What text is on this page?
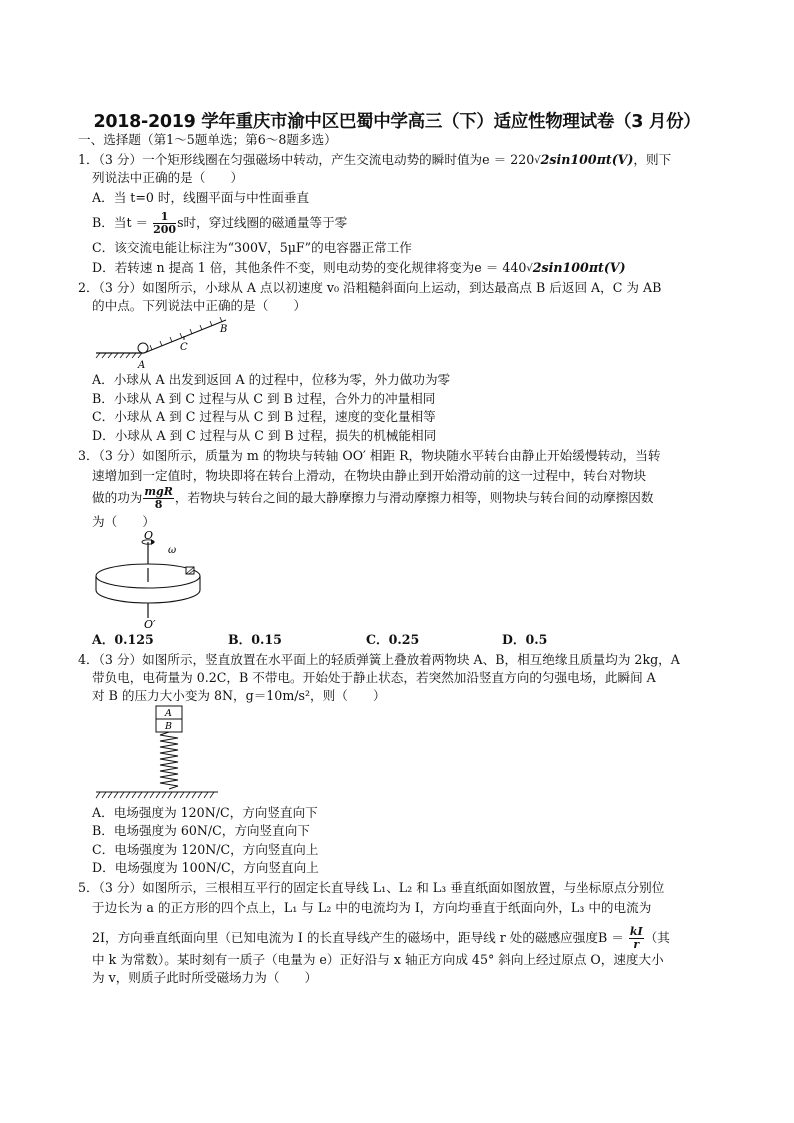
2018-2019 学年重庆市渝中区巴蜀中学高三（下）适应性物理试卷（3 月份）
一、选择题（第1～5题单选；第6～8题多选）
1．（3 分）一个矩形线圈在匀强磁场中转动，产生交流电动势的瞬时值为e ＝ 220√2sin100πt(V)，则下
列说法中正确的是（　　）
A．当 t=0 时，线圈平面与中性面垂直
B．当$t = \frac{1}{200}$ s时，穿过线圈的磁通量等于零
C．该交流电能让标注为“300V，5μF”的电容器正常工作
D．若转速 n 提高 1 倍，其他条件不变，则电动势的变化规律将变为e ＝ 440√2sin100πt(V)
2．（3 分）如图所示，小球从 A 点以初速度 v₀ 沿粗糙斜面向上运动，到达最高点 B 后返回 A，C 为 AB
的中点。下列说法中正确的是（　　）
A
C
B
A．小球从 A 出发到返回 A 的过程中，位移为零，外力做功为零
B．小球从 A 到 C 过程与从 C 到 B 过程，合外力的冲量相同
C．小球从 A 到 C 过程与从 C 到 B 过程，速度的变化量相等
D．小球从 A 到 C 过程与从 C 到 B 过程，损失的机械能相同
3．（3 分）如图所示，质量为 m 的物块与转轴 OO′ 相距 R，物块随水平转台由静止开始缓慢转动，当转
速增加到一定值时，物块即将在转台上滑动，在物块由静止到开始滑动前的这一过程中，转台对物块
做的功为 $\frac{\text{mgR}}{8}$ ，若物块与转台之间的最大静摩擦力与滑动摩擦力相等，则物块与转台间的动摩擦因数
为（　　）
O
ω
O′
A．0.125	B．0.15	C．0.25	D．0.5
4．（3 分）如图所示，竖直放置在水平面上的轻质弹簧上叠放着两物块 A、B，相互绝缘且质量均为 2kg，A
带负电，电荷量为 0.2C，B 不带电。开始处于静止状态，若突然加沿竖直方向的匀强电场，此瞬间 A
对 B 的压力大小变为 8N，g＝10m/s²，则（　　）
A
B
A．电场强度为 120N/C，方向竖直向下
B．电场强度为 60N/C，方向竖直向下
C．电场强度为 120N/C，方向竖直向上
D．电场强度为 100N/C，方向竖直向上
5．（3 分）如图所示，三根相互平行的固定长直导线 L₁、L₂ 和 L₃ 垂直纸面如图放置，与坐标原点分别位
于边长为 a 的正方形的四个点上，L₁ 与 L₂ 中的电流均为 I，方向均垂直于纸面向外，L₃ 中的电流为
2I，方向垂直纸面向里（已知电流为 I 的长直导线产生的磁场中，距导线 r 处的磁感应强度$B = \frac{kI}{r}$ （其
中 k 为常数）。某时刻有一质子（电量为 e）正好沿与 x 轴正方向成 45° 斜向上经过原点 O，速度大小
为 v，则质子此时所受磁场力为（　　）
